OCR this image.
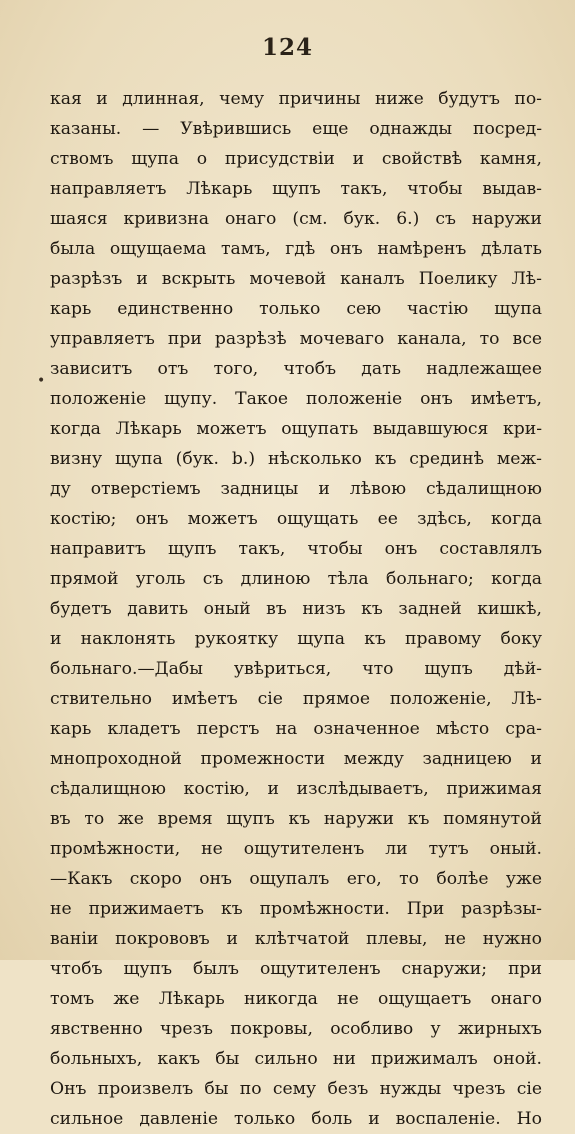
124
•
кая и длинная, чему причины ниже будутъ по-
казаны. — Увѣрившись еще однажды посред-
ствомъ щупа о присудствіи и свойствѣ камня,
направляетъ Лѣкарь щупъ такъ, чтобы выдав-
шаяся кривизна онаго (см. бук. 6.) съ наружи
была ощущаема тамъ, гдѣ онъ намѣренъ дѣлать
разрѣзъ и вскрыть мочевой каналъ Поелику Лѣ-
карь единственно только сею частію щупа
управляетъ при разрѣзѣ мочеваго канала, то все
зависитъ отъ того, чтобъ дать надлежащее
положеніе щупу. Такое положеніе онъ имѣетъ,
когда Лѣкарь можетъ ощупать выдавшуюся кри-
визну щупа (бук. b.) нѣсколько къ срединѣ меж-
ду отверстіемъ задницы и лѣвою сѣдалищною
костію; онъ можетъ ощущать ее здѣсь, когда
направитъ щупъ такъ, чтобы онъ составлялъ
прямой уголь съ длиною тѣла больнаго; когда
будетъ давить оный въ низъ къ задней кишкѣ,
и наклонять рукоятку щупа къ правому боку
больнаго.—Дабы увѣриться, что щупъ дѣй-
ствительно имѣетъ сіе прямое положеніе, Лѣ-
карь кладетъ перстъ на означенное мѣсто сра-
мнопроходной промежности между задницею и
сѣдалищною костію, и изслѣдываетъ, прижимая
въ то же время щупъ къ наружи къ помянутой
промѣжности, не ощутителенъ ли тутъ оный.
—Какъ скоро онъ ощупалъ его, то болѣе уже
не прижимаетъ къ промѣжности. При разрѣзы-
ваніи покрововъ и клѣтчатой плевы, не нужно
чтобъ щупъ былъ ощутителенъ снаружи; при
томъ же Лѣкарь никогда не ощущаетъ онаго
явственно чрезъ покровы, особливо у жирныхъ
больныхъ, какъ бы сильно ни прижималъ оной.
Онъ произвелъ бы по сему безъ нужды чрезъ сіе
сильное давленіе только боль и воспаленіе. Но
